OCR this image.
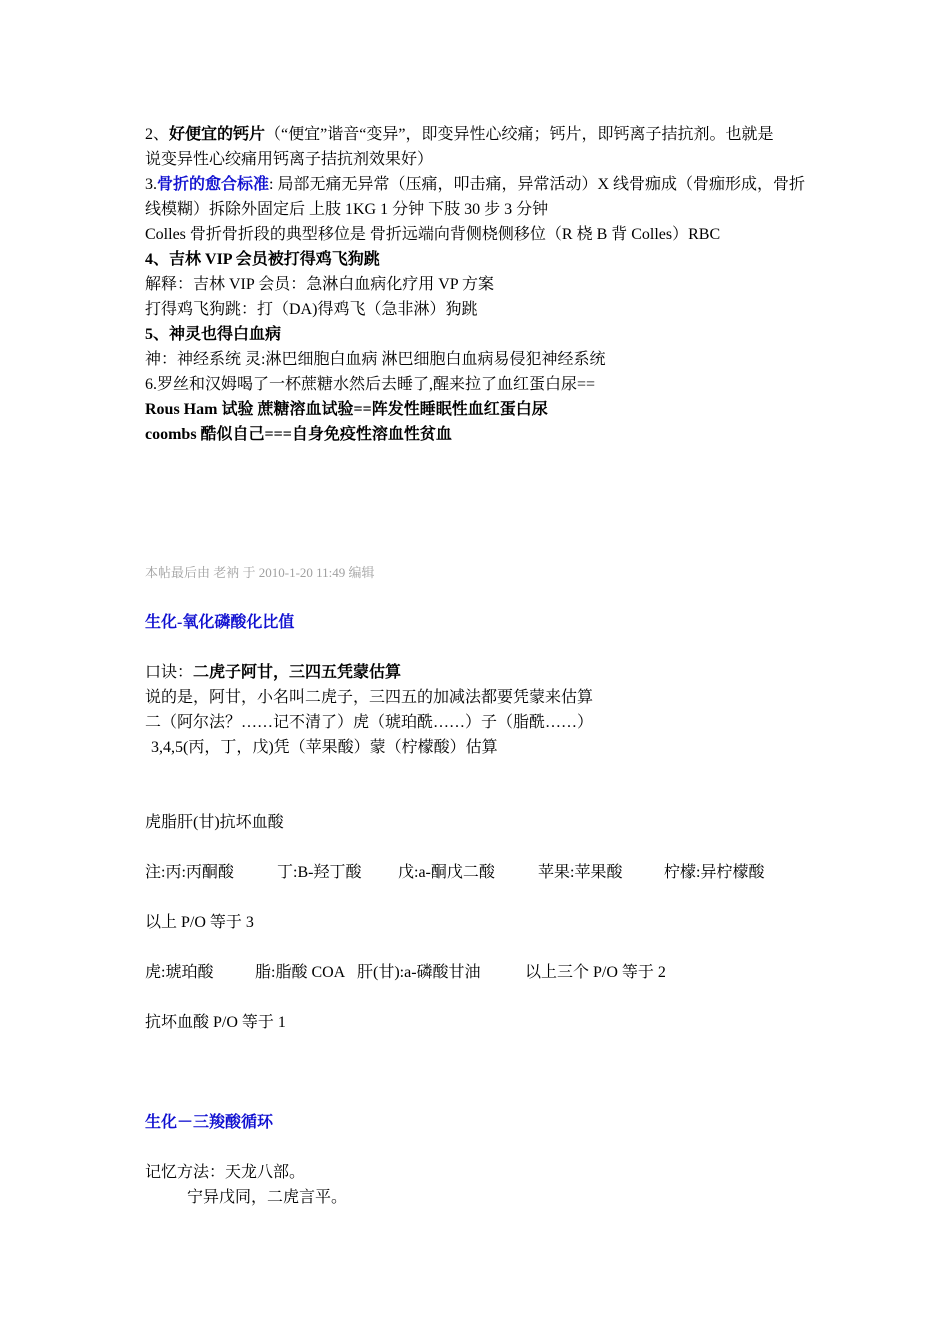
2、好便宜的钙片（“便宜”谐音“变异”，即变异性心绞痛；钙片，即钙离子拮抗剂。也就是
说变异性心绞痛用钙离子拮抗剂效果好）
3.骨折的愈合标准: 局部无痛无异常（压痛，叩击痛，异常活动）X 线骨痂成（骨痂形成，骨折
线模糊）拆除外固定后 上肢 1KG 1 分钟 下肢 30 步 3 分钟
Colles 骨折骨折段的典型移位是 骨折远端向背侧桡侧移位（R 桡 B 背 Colles）RBC
4、吉林 VIP 会员被打得鸡飞狗跳
解释：吉林 VIP 会员：急淋白血病化疗用 VP 方案
打得鸡飞狗跳：打（DA)得鸡飞（急非淋）狗跳
5、神灵也得白血病
神：神经系统 灵:淋巴细胞白血病 淋巴细胞白血病易侵犯神经系统
6.罗丝和汉姆喝了一杯蔗糖水然后去睡了,醒来拉了血红蛋白尿==
Rous Ham 试验 蔗糖溶血试验==阵发性睡眠性血红蛋白尿
coombs 酷似自己===自身免疫性溶血性贫血
本帖最后由 老衲 于 2010-1-20 11:49 编辑
生化-氧化磷酸化比值
口诀：二虎子阿甘，三四五凭蒙估算
说的是，阿甘，小名叫二虎子，三四五的加减法都要凭蒙来估算
二（阿尔法？……记不清了）虎（琥珀酰……）子（脂酰……）
3,4,5(丙，丁，戊)凭（苹果酸）蒙（柠檬酸）估算
虎脂肝(甘)抗坏血酸
注:丙:丙酮酸	丁:B-羟丁酸 戊:a-酮戊二酸	苹果:苹果酸	柠檬:异柠檬酸
以上 P/O 等于 3
虎:琥珀酸	脂:脂酸 COA 肝(甘):a-磷酸甘油	以上三个 P/O 等于 2
抗坏血酸 P/O 等于 1
生化－三羧酸循环
记忆方法：天龙八部。
宁异戊同，二虎言平。
